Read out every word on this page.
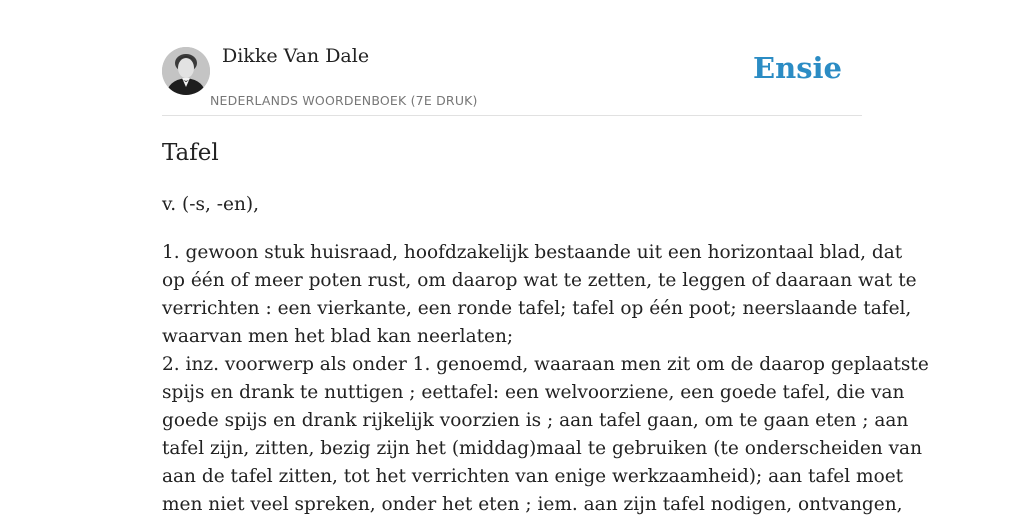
Dikke Van Dale
NEDERLANDS WOORDENBOEK (7E DRUK)
Ensie
Tafel
v. (-s, -en),
1. gewoon stuk huisraad, hoofdzakelijk bestaande uit een horizontaal blad, dat
op één of meer poten rust, om daarop wat te zetten, te leggen of daaraan wat te
verrichten : een vierkante, een ronde tafel; tafel op één poot; neerslaande tafel,
waarvan men het blad kan neerlaten;
2. inz. voorwerp als onder 1. genoemd, waaraan men zit om de daarop geplaatste
spijs en drank te nuttigen ; eettafel: een welvoorziene, een goede tafel, die van
goede spijs en drank rijkelijk voorzien is ; aan tafel gaan, om te gaan eten ; aan
tafel zijn, zitten, bezig zijn het (middag)maal te gebruiken (te onderscheiden van
aan de tafel zitten, tot het verrichten van enige werkzaamheid); aan tafel moet
men niet veel spreken, onder het eten ; iem. aan zijn tafel nodigen, ontvangen,
